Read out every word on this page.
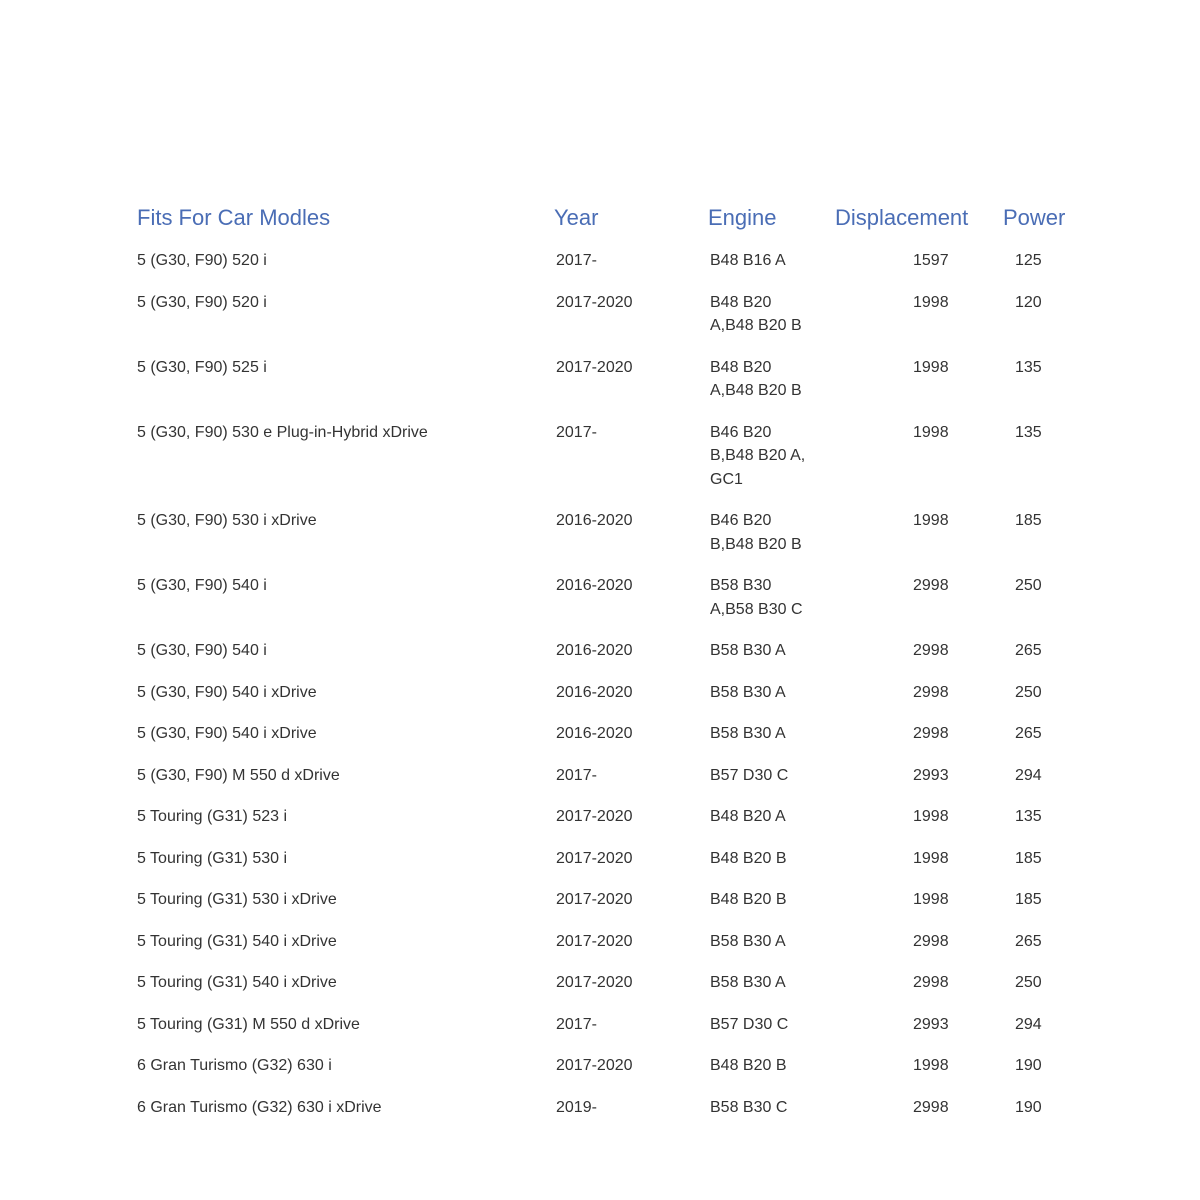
Fits For Car Modles	Year	Engine	Displacement	Power
5 (G30, F90) 520 i	2017-	B48 B16 A	1597	125
5 (G30, F90) 520 i	2017-2020	B48 B20 A,B48 B20 B	1998	120
5 (G30, F90) 525 i	2017-2020	B48 B20 A,B48 B20 B	1998	135
5 (G30, F90) 530 e Plug-in-Hybrid xDrive	2017-	B46 B20 B,B48 B20 A, GC1	1998	135
5 (G30, F90) 530 i xDrive	2016-2020	B46 B20 B,B48 B20 B	1998	185
5 (G30, F90) 540 i	2016-2020	B58 B30 A,B58 B30 C	2998	250
5 (G30, F90) 540 i	2016-2020	B58 B30 A	2998	265
5 (G30, F90) 540 i xDrive	2016-2020	B58 B30 A	2998	250
5 (G30, F90) 540 i xDrive	2016-2020	B58 B30 A	2998	265
5 (G30, F90) M 550 d xDrive	2017-	B57 D30 C	2993	294
5 Touring (G31) 523 i	2017-2020	B48 B20 A	1998	135
5 Touring (G31) 530 i	2017-2020	B48 B20 B	1998	185
5 Touring (G31) 530 i xDrive	2017-2020	B48 B20 B	1998	185
5 Touring (G31) 540 i xDrive	2017-2020	B58 B30 A	2998	265
5 Touring (G31) 540 i xDrive	2017-2020	B58 B30 A	2998	250
5 Touring (G31) M 550 d xDrive	2017-	B57 D30 C	2993	294
6 Gran Turismo (G32) 630 i	2017-2020	B48 B20 B	1998	190
6 Gran Turismo (G32) 630 i xDrive	2019-	B58 B30 C	2998	190
